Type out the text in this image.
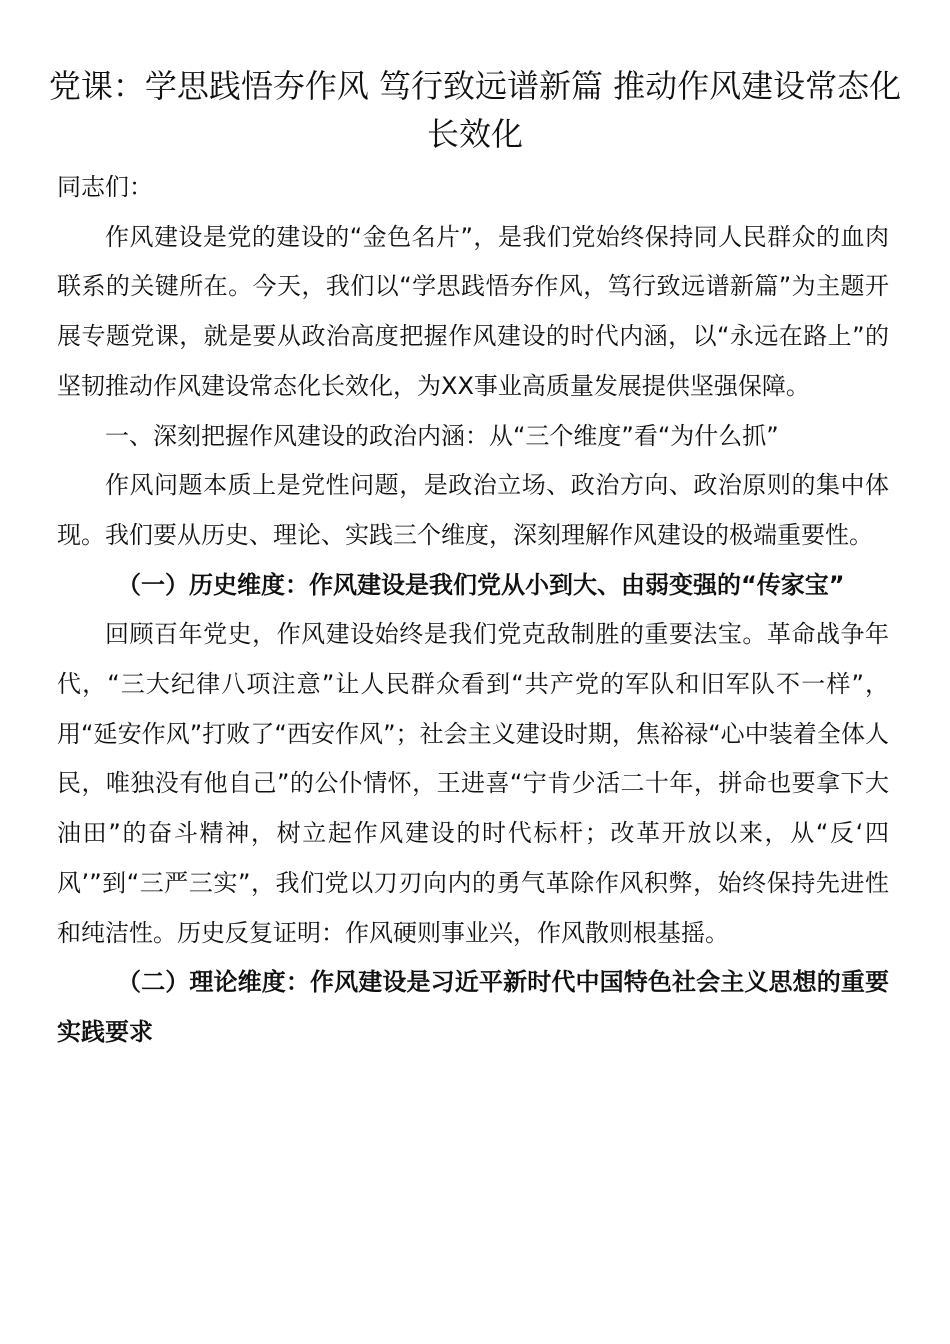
党课：学思践悟夯作风 笃行致远谱新篇 推动作风建设常态化长效化

同志们：

作风建设是党的建设的“金色名片”，是我们党始终保持同人民群众的血肉联系的关键所在。今天，我们以“学思践悟夯作风，笃行致远谱新篇”为主题开展专题党课，就是要从政治高度把握作风建设的时代内涵，以“永远在路上”的坚韧推动作风建设常态化长效化，为XX事业高质量发展提供坚强保障。

一、深刻把握作风建设的政治内涵：从“三个维度”看“为什么抓”

作风问题本质上是党性问题，是政治立场、政治方向、政治原则的集中体现。我们要从历史、理论、实践三个维度，深刻理解作风建设的极端重要性。

（一）历史维度：作风建设是我们党从小到大、由弱变强的“传家宝”

回顾百年党史，作风建设始终是我们党克敌制胜的重要法宝。革命战争年代，“三大纪律八项注意”让人民群众看到“共产党的军队和旧军队不一样”，用“延安作风”打败了“西安作风”；社会主义建设时期，焦裕禄“心中装着全体人民，唯独没有他自己”的公仆情怀，王进喜“宁肯少活二十年，拼命也要拿下大油田”的奋斗精神，树立起作风建设的时代标杆；改革开放以来，从“反‘四风’”到“三严三实”，我们党以刀刃向内的勇气革除作风积弊，始终保持先进性和纯洁性。历史反复证明：作风硬则事业兴，作风散则根基摇。

（二）理论维度：作风建设是习近平新时代中国特色社会主义思想的重要实践要求
